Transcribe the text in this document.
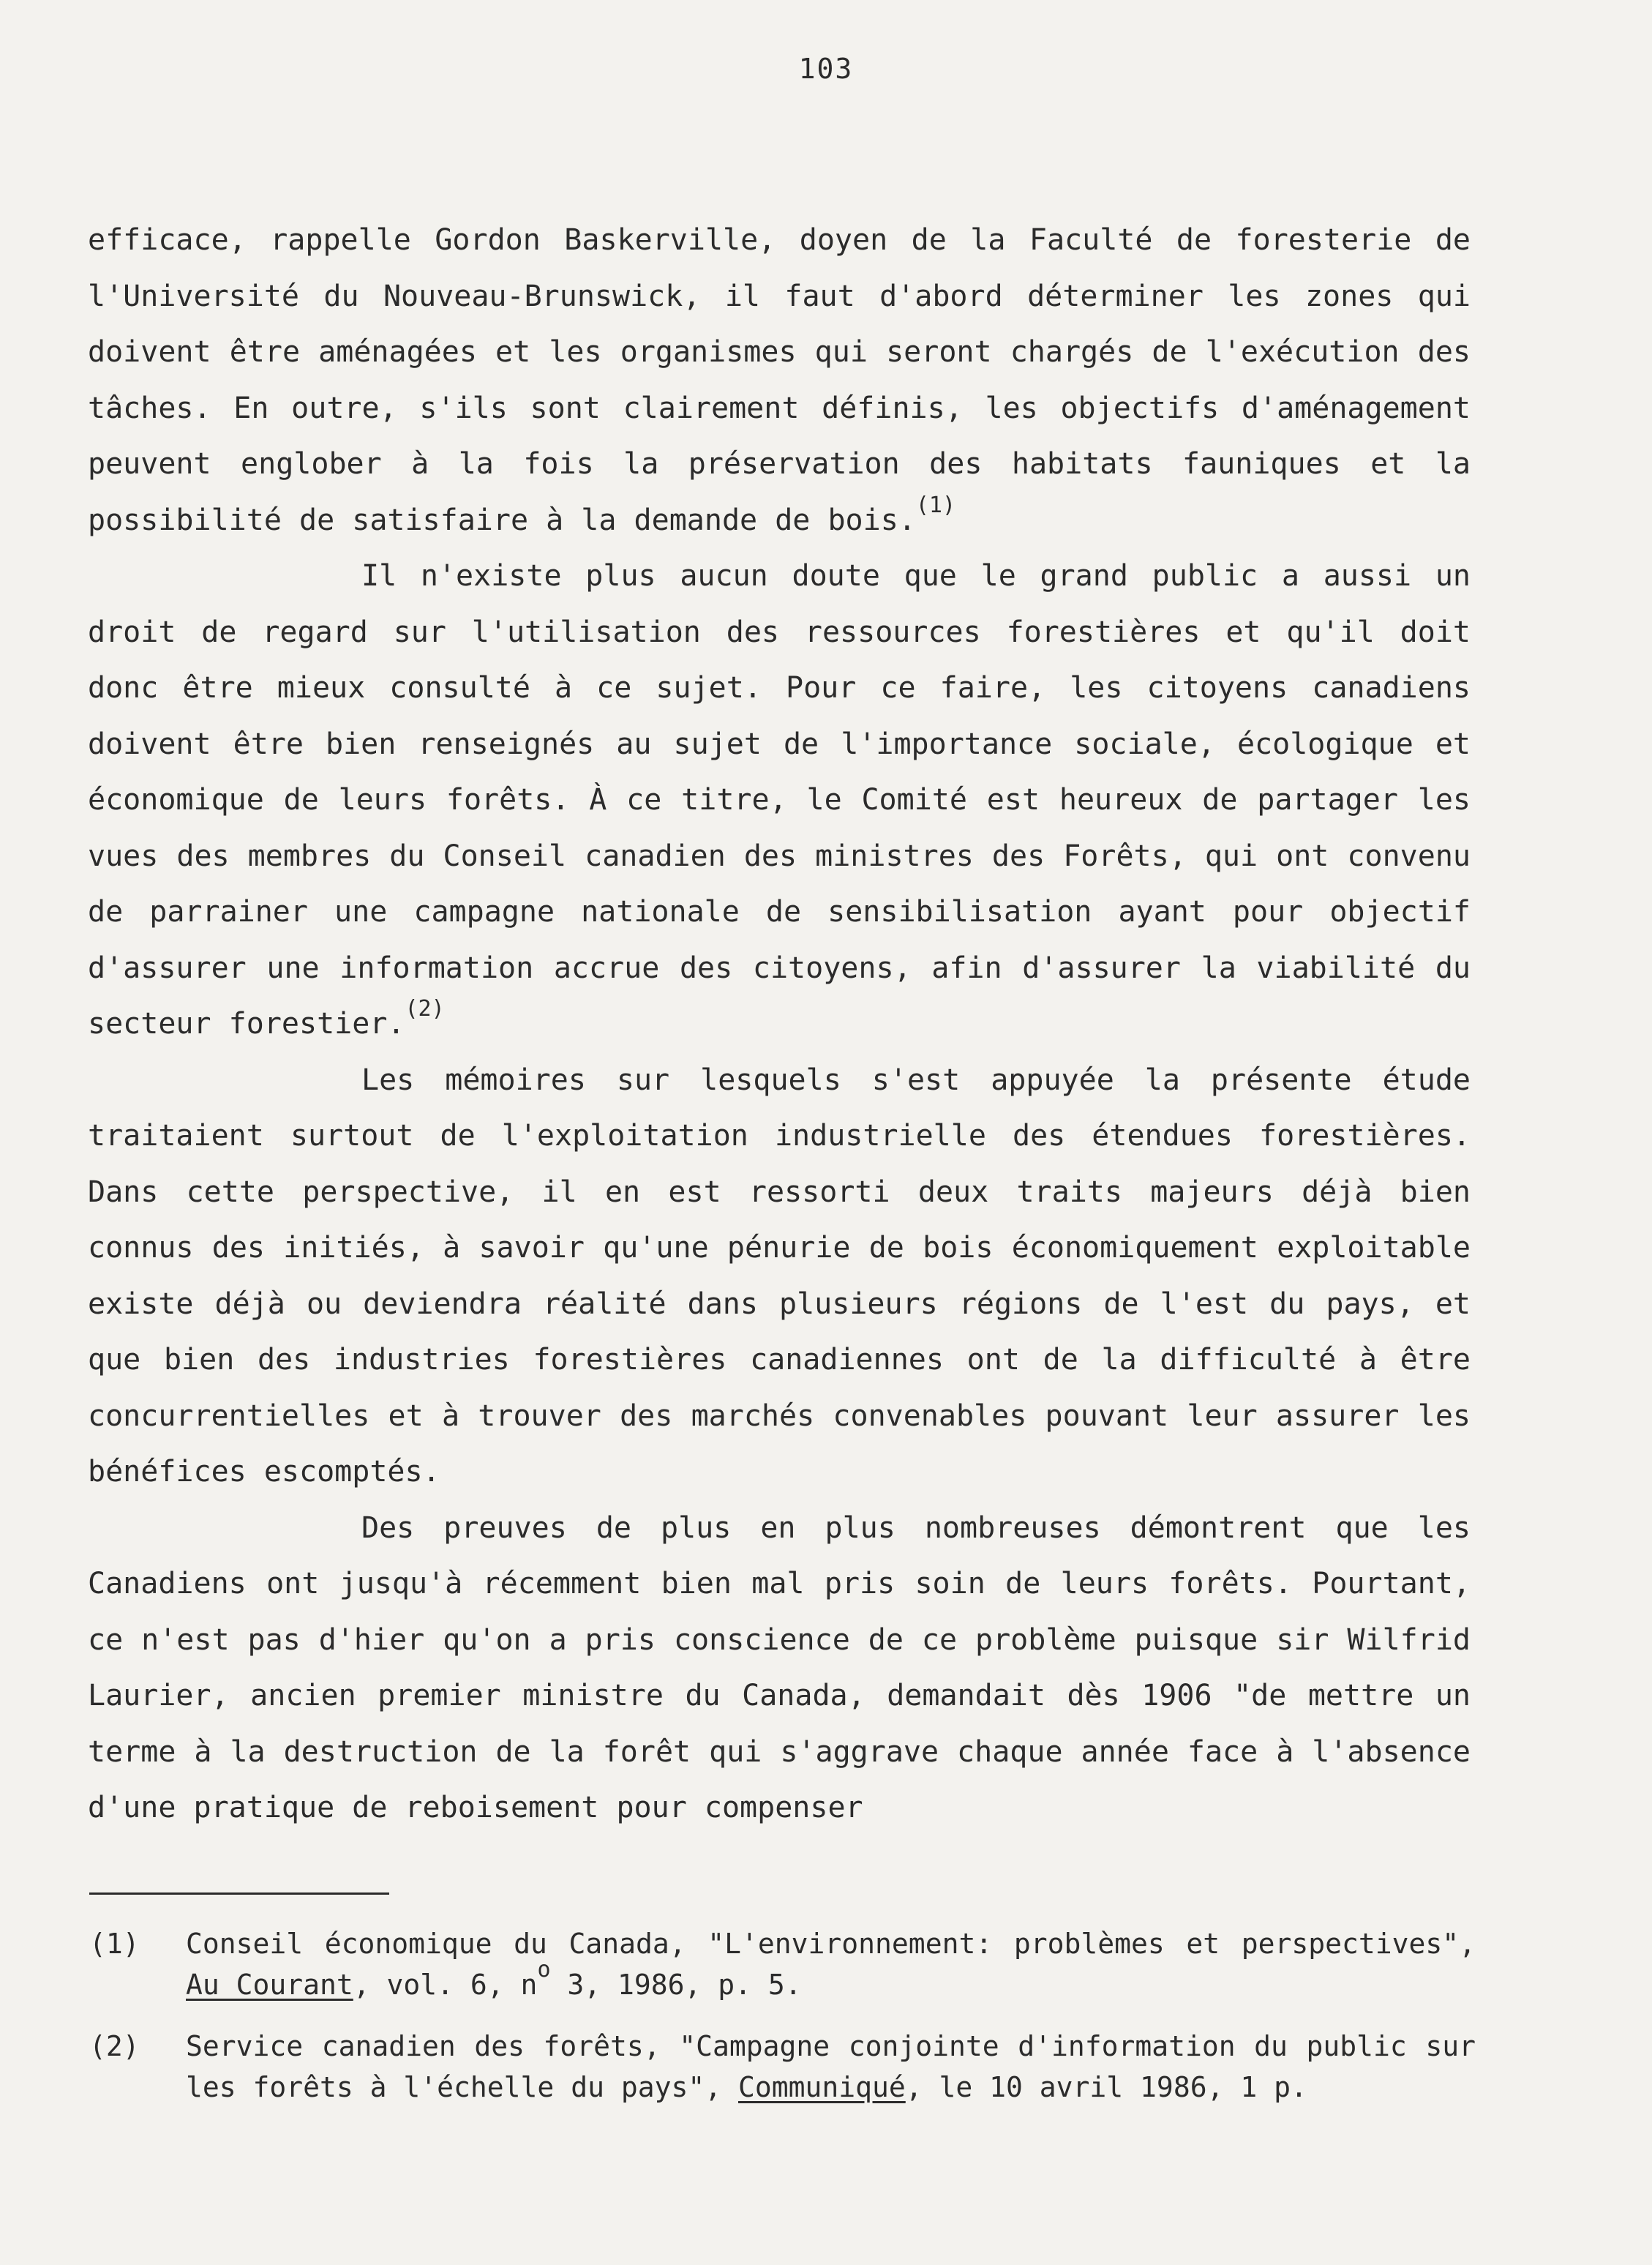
103

efficace, rappelle Gordon Baskerville, doyen de la Faculté de foresterie de l'Université du Nouveau-Brunswick, il faut d'abord déterminer les zones qui doivent être aménagées et les organismes qui seront chargés de l'exécution des tâches. En outre, s'ils sont clairement définis, les objectifs d'aménagement peuvent englober à la fois la préservation des habitats fauniques et la possibilité de satisfaire à la demande de bois.$^{(1)}$

Il n'existe plus aucun doute que le grand public a aussi un droit de regard sur l'utilisation des ressources forestières et qu'il doit donc être mieux consulté à ce sujet. Pour ce faire, les citoyens canadiens doivent être bien renseignés au sujet de l'importance sociale, écologique et économique de leurs forêts. À ce titre, le Comité est heureux de partager les vues des membres du Conseil canadien des ministres des Forêts, qui ont convenu de parrainer une campagne nationale de sensibilisation ayant pour objectif d'assurer une information accrue des citoyens, afin d'assurer la viabilité du secteur forestier.$^{(2)}$

Les mémoires sur lesquels s'est appuyée la présente étude traitaient surtout de l'exploitation industrielle des étendues forestières. Dans cette perspective, il en est ressorti deux traits majeurs déjà bien connus des initiés, à savoir qu'une pénurie de bois économiquement exploitable existe déjà ou deviendra réalité dans plusieurs régions de l'est du pays, et que bien des industries forestières canadiennes ont de la difficulté à être concurrentielles et à trouver des marchés convenables pouvant leur assurer les bénéfices escomptés.

Des preuves de plus en plus nombreuses démontrent que les Canadiens ont jusqu'à récemment bien mal pris soin de leurs forêts. Pourtant, ce n'est pas d'hier qu'on a pris conscience de ce problème puisque sir Wilfrid Laurier, ancien premier ministre du Canada, demandait dès 1906 "de mettre un terme à la destruction de la forêt qui s'aggrave chaque année face à l'absence d'une pratique de reboisement pour compenser

(1)	Conseil économique du Canada, "L'environnement: problèmes et perspectives", Au Courant, vol. 6, $n^o$ 3, 1986, p. 5.
(2)	Service canadien des forêts, "Campagne conjointe d'information du public sur les forêts à l'échelle du pays", Communiqué, le 10 avril 1986, 1 p.
